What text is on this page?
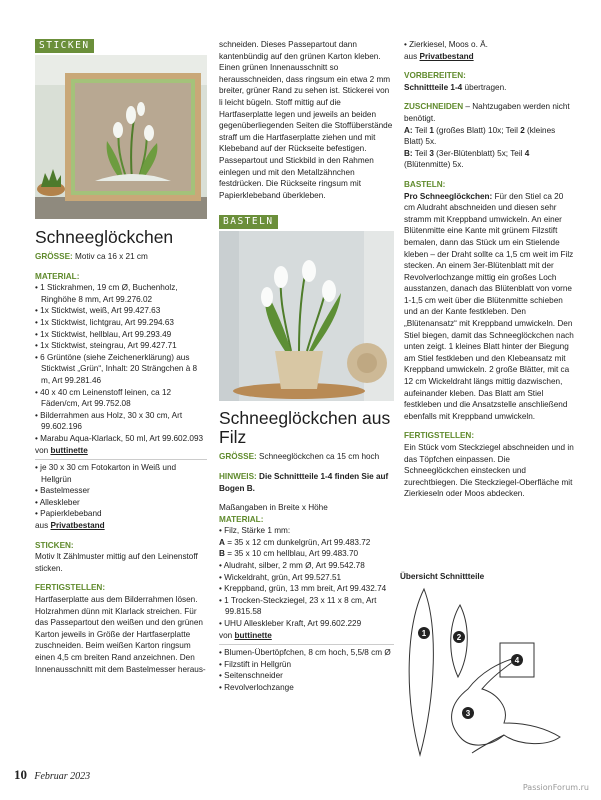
STICKEN
Schneeglöckchen
GRÖSSE: Motiv ca 16 x 21 cm
MATERIAL:
• 1 Stickrahmen, 19 cm Ø, Buchenholz, Ringhöhe 8 mm, Art 99.276.02
• 1x Sticktwist, weiß, Art 99.427.63
• 1x Sticktwist, lichtgrau, Art 99.294.63
• 1x Sticktwist, hellblau, Art 99.293.49
• 1x Sticktwist, steingrau, Art 99.427.71
• 6 Grüntöne (siehe Zeichenerklärung) aus Sticktwist „Grün“, Inhalt: 20 Strängchen à 8 m, Art 99.281.46
• 40 x 40 cm Leinenstoff leinen, ca 12 Fäden/cm, Art 99.752.08
• Bilderrahmen aus Holz, 30 x 30 cm, Art 99.602.196
• Marabu Aqua-Klarlack, 50 ml, Art 99.602.093
von buttinette
• je 30 x 30 cm Fotokarton in Weiß und Hellgrün
• Bastelmesser
• Alleskleber
• Papierklebeband
aus Privatbestand
STICKEN:
Motiv lt Zählmuster mittig auf den Leinenstoff sticken.
FERTIGSTELLEN:
Hartfaserplatte aus dem Bilderrahmen lösen. Holzrahmen dünn mit Klarlack streichen. Für das Passepartout den weißen und den grünen Karton jeweils in Größe der Hartfaserplatte zuschneiden. Beim weißen Karton ringsum einen 4,5 cm breiten Rand anzeichnen. Den Innenausschnitt mit dem Bastelmesser heraus-
schneiden. Dieses Passepartout dann kantenbündig auf den grünen Karton kleben. Einen grünen Innenausschnitt so herausschneiden, dass ringsum ein etwa 2 mm breiter, grüner Rand zu sehen ist. Stickerei von li leicht bügeln. Stoff mittig auf die Hartfaserplatte legen und jeweils an beiden gegenüberliegenden Seiten die Stoffüberstände straff um die Hartfaserplatte ziehen und mit Klebeband auf der Rückseite befestigen. Passepartout und Stickbild in den Rahmen einlegen und mit den Metallzähnchen festdrücken. Die Rückseite ringsum mit Papierklebeband überkleben.
BASTELN
Schneeglöckchen aus Filz
GRÖSSE: Schneeglöckchen ca 15 cm hoch
HINWEIS: Die Schnittteile 1-4 finden Sie auf Bogen B.
Maßangaben in Breite x Höhe
MATERIAL:
• Filz, Stärke 1 mm:
A = 35 x 12 cm dunkelgrün, Art 99.483.72
B = 35 x 10 cm hellblau, Art 99.483.70
• Aludraht, silber, 2 mm Ø, Art 99.542.78
• Wickeldraht, grün, Art 99.527.51
• Kreppband, grün, 13 mm breit, Art 99.432.74
• 1 Trocken-Steckziegel, 23 x 11 x 8 cm, Art 99.815.58
• UHU Alleskleber Kraft, Art 99.602.229
von buttinette
• Blumen-Übertöpfchen, 8 cm hoch, 5,5/8 cm Ø
• Filzstift in Hellgrün
• Seitenschneider
• Revolverlochzange
• Zierkiesel, Moos o. Ä.
aus Privatbestand
VORBEREITEN:
Schnittteile 1-4 übertragen.
ZUSCHNEIDEN – Nahtzugaben werden nicht benötigt.
A: Teil 1 (großes Blatt) 10x; Teil 2 (kleines Blatt) 5x.
B: Teil 3 (3er-Blütenblatt) 5x; Teil 4 (Blütenmitte) 5x.
BASTELN:
Pro Schneeglöckchen: Für den Stiel ca 20 cm Aludraht abschneiden und diesen sehr stramm mit Kreppband umwickeln. An einer Blütenmitte eine Kante mit grünem Filzstift bemalen, dann das Stück um ein Stielende kleben – der Draht sollte ca 1,5 cm weit im Filz stecken. An einem 3er-Blütenblatt mit der Revolverlochzange mittig ein großes Loch ausstanzen, danach das Blütenblatt von vorne 1-1,5 cm weit über die Blütenmitte schieben und an der Kante festkleben. Den „Blütenansatz“ mit Kreppband umwickeln. Den Stiel biegen, damit das Schneeglöckchen nach unten zeigt. 1 kleines Blatt hinter der Biegung am Stiel festkleben und den Klebeansatz mit Kreppband umwickeln. 2 große Blätter, mit ca 12 cm Wickeldraht längs mittig dazwischen, aufeinander kleben. Das Blatt am Stiel festkleben und die Ansatzstelle anschließend ebenfalls mit Kreppband umwickeln.
FERTIGSTELLEN:
Ein Stück vom Steckziegel abschneiden und in das Töpfchen einpassen. Die Schneeglöckchen einstecken und zurechtbiegen. Die Steckziegel-Oberfläche mit Zierkieseln oder Moos abdecken.
Übersicht Schnittteile
1	2
3
4
10 Februar 2023
PassionForum.ru
